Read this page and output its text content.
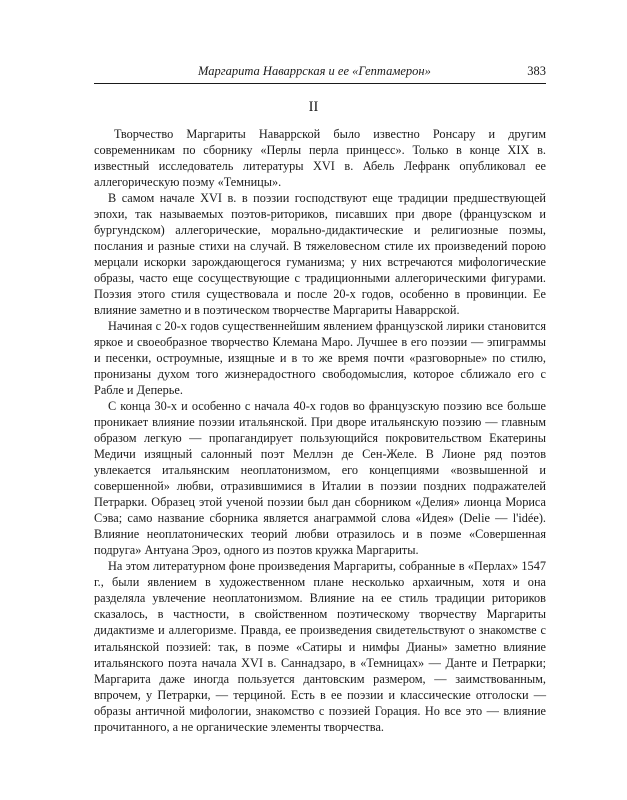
Маргарита Наваррская и ее «Гептамерон»	383
II

Творчество Маргариты Наваррской было известно Ронсару и другим современникам по сборнику «Перлы перла принцесс». Только в конце XIX в. известный исследователь литературы XVI в. Абель Лефранк опубликовал ее аллегорическую поэму «Темницы».

В самом начале XVI в. в поэзии господствуют еще традиции предшествующей эпохи, так называемых поэтов-риториков, писавших при дворе (французском и бургундском) аллегорические, морально-дидактические и религиозные поэмы, послания и разные стихи на случай. В тяжеловесном стиле их произведений порою мерцали искорки зарождающегося гуманизма; у них встречаются мифологические образы, часто еще сосуществующие с традиционными аллегорическими фигурами. Поэзия этого стиля существовала и после 20-х годов, особенно в провинции. Ее влияние заметно и в поэтическом творчестве Маргариты Наваррской.

Начиная с 20-х годов существеннейшим явлением французской лирики становится яркое и своеобразное творчество Клемана Маро. Лучшее в его поэзии — эпиграммы и песенки, остроумные, изящные и в то же время почти «разговорные» по стилю, пронизаны духом того жизнерадостного свободомыслия, которое сближало его с Рабле и Деперье.

С конца 30-х и особенно с начала 40-х годов во французскую поэзию все больше проникает влияние поэзии итальянской. При дворе итальянскую поэзию — главным образом легкую — пропагандирует пользующийся покровительством Екатерины Медичи изящный салонный поэт Меллэн де Сен-Желе. В Лионе ряд поэтов увлекается итальянским неоплатонизмом, его концепциями «возвышенной и совершенной» любви, отразившимися в Италии в поэзии поздних подражателей Петрарки. Образец этой ученой поэзии был дан сборником «Делия» лионца Мориса Сэва; само название сборника является анаграммой слова «Идея» (Delie — l'idée). Влияние неоплатонических теорий любви отразилось и в поэме «Совершенная подруга» Антуана Эроэ, одного из поэтов кружка Маргариты.

На этом литературном фоне произведения Маргариты, собранные в «Перлах» 1547 г., были явлением в художественном плане несколько архаичным, хотя и она разделяла увлечение неоплатонизмом. Влияние на ее стиль традиции риториков сказалось, в частности, в свойственном поэтическому творчеству Маргариты дидактизме и аллегоризме. Правда, ее произведения свидетельствуют о знакомстве с итальянской поэзией: так, в поэме «Сатиры и нимфы Дианы» заметно влияние итальянского поэта начала XVI в. Саннадзаро, в «Темницах» — Данте и Петрарки; Маргарита даже иногда пользуется дантовским размером, — заимствованным, впрочем, у Петрарки, — терциной. Есть в ее поэзии и классические отголоски — образы античной мифологии, знакомство с поэзией Горация. Но все это — влияние прочитанного, а не органические элементы творчества.
